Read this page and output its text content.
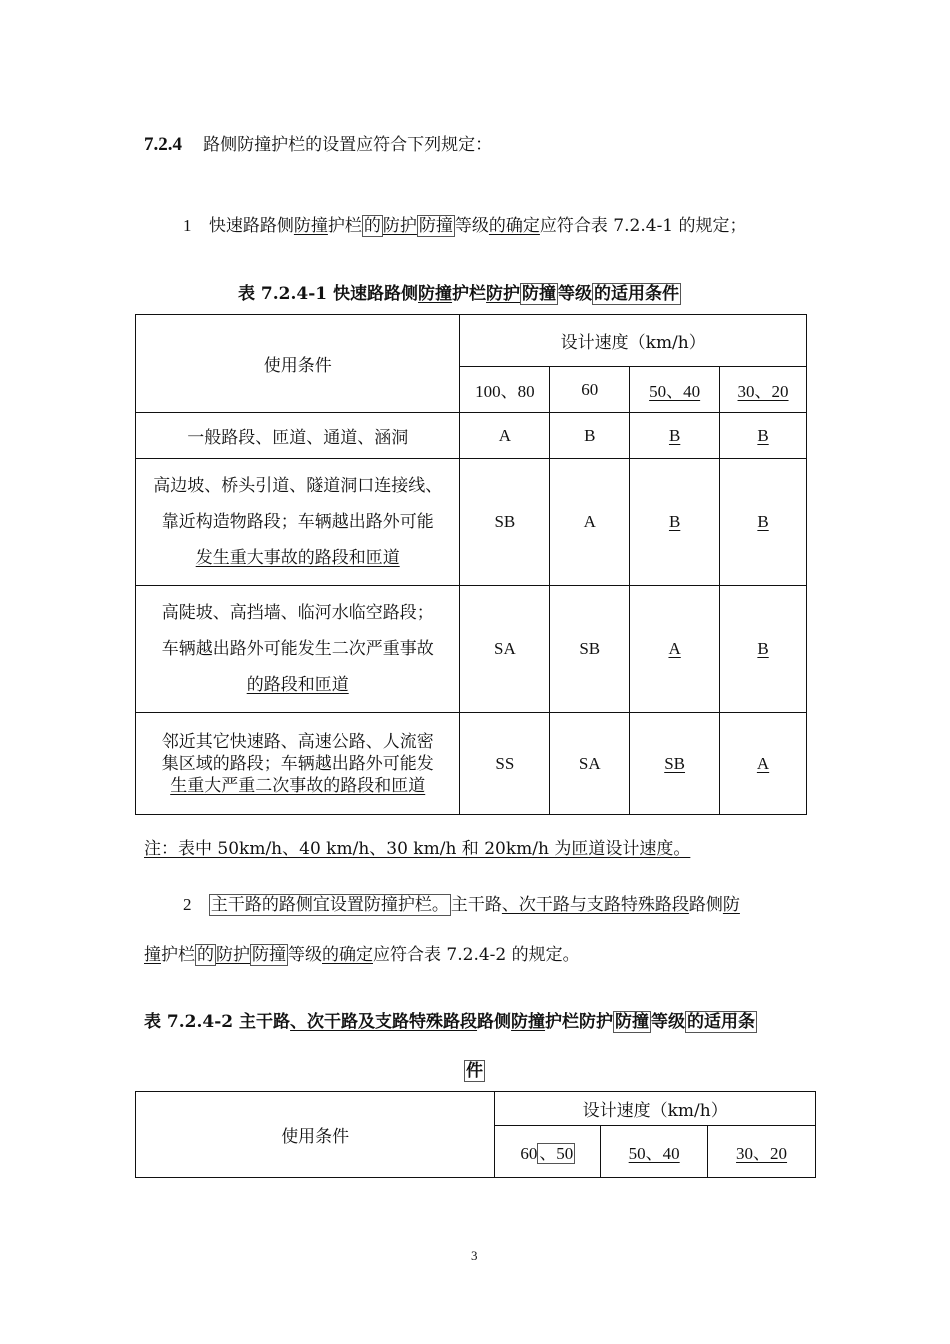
7.2.4 路侧防撞护栏的设置应符合下列规定：
1 快速路路侧防撞护栏 的 防护 防撞 等级的确定应符合表 7.2.4-1 的规定；
表 7.2.4-1 快速路路侧防撞护栏防护 防撞 等级 的适用条件
使用条件	设计速度（km/h）			
	100、80	60	50、40	30、20
一般路段、匝道、通道、涵洞	A	B	B	B

高边坡、桥头引道、隧道洞口连接线、
靠近构造物路段；车辆越出路外可能
发生重大事故的路段和匝道	SB	A	B	B

高陡坡、高挡墙、临河水临空路段；
车辆越出路外可能发生二次严重事故
的路段和匝道	SA	SB	A	B

邻近其它快速路、高速公路、人流密
集区域的路段；车辆越出路外可能发
生重大严重二次事故的路段和匝道	SS	SA	SB	A
注：表中 50km/h、40 km/h、30 km/h 和 20km/h 为匝道设计速度。
2 主干路的路侧宜设置防撞护栏。 主干路、次干路与支路特殊路段路侧防
撞护栏 的 防护 防撞 等级的确定应符合表 7.2.4-2 的规定。
表 7.2.4-2 主干路、次干路及支路特殊路段路侧防撞护栏防护 防撞 等级 的适用条
件
使用条件	设计速度（km/h）		
	60 、50	50、40	30、20
3
